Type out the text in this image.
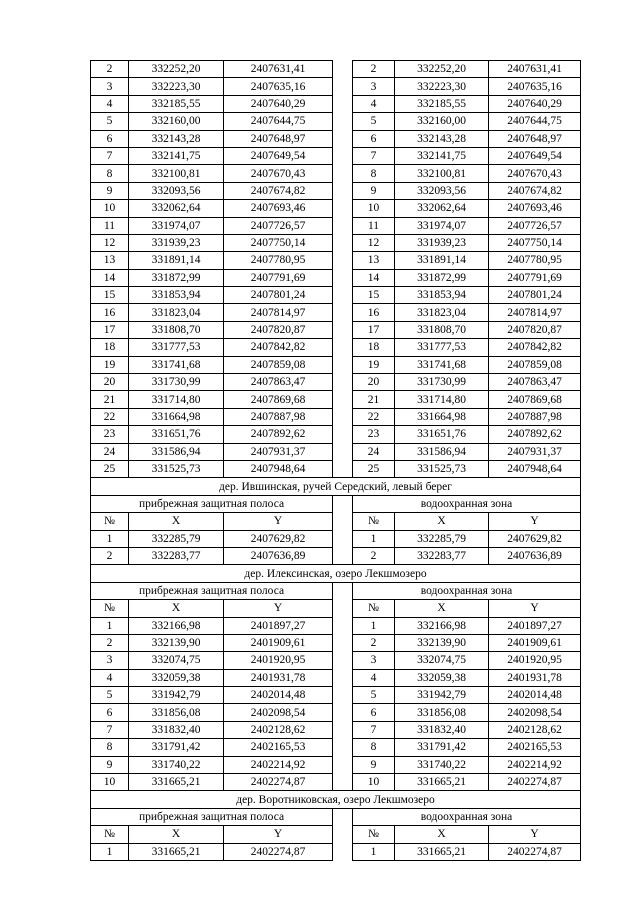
2	332252,20	2407631,41		2	332252,20	2407631,41
3	332223,30	2407635,16		3	332223,30	2407635,16
4	332185,55	2407640,29		4	332185,55	2407640,29
5	332160,00	2407644,75		5	332160,00	2407644,75
6	332143,28	2407648,97		6	332143,28	2407648,97
7	332141,75	2407649,54		7	332141,75	2407649,54
8	332100,81	2407670,43		8	332100,81	2407670,43
9	332093,56	2407674,82		9	332093,56	2407674,82
10	332062,64	2407693,46		10	332062,64	2407693,46
11	331974,07	2407726,57		11	331974,07	2407726,57
12	331939,23	2407750,14		12	331939,23	2407750,14
13	331891,14	2407780,95		13	331891,14	2407780,95
14	331872,99	2407791,69		14	331872,99	2407791,69
15	331853,94	2407801,24		15	331853,94	2407801,24
16	331823,04	2407814,97		16	331823,04	2407814,97
17	331808,70	2407820,87		17	331808,70	2407820,87
18	331777,53	2407842,82		18	331777,53	2407842,82
19	331741,68	2407859,08		19	331741,68	2407859,08
20	331730,99	2407863,47		20	331730,99	2407863,47
21	331714,80	2407869,68		21	331714,80	2407869,68
22	331664,98	2407887,98		22	331664,98	2407887,98
23	331651,76	2407892,62		23	331651,76	2407892,62
24	331586,94	2407931,37		24	331586,94	2407931,37
25	331525,73	2407948,64		25	331525,73	2407948,64
дер. Ившинская, ручей Середский, левый берег						
прибрежная защитная полоса				водоохранная зона		
№	X	Y		№	X	Y
1	332285,79	2407629,82		1	332285,79	2407629,82
2	332283,77	2407636,89		2	332283,77	2407636,89
дер. Илексинская, озеро Лекшмозеро						
прибрежная защитная полоса				водоохранная зона		
№	X	Y		№	X	Y
1	332166,98	2401897,27		1	332166,98	2401897,27
2	332139,90	2401909,61		2	332139,90	2401909,61
3	332074,75	2401920,95		3	332074,75	2401920,95
4	332059,38	2401931,78		4	332059,38	2401931,78
5	331942,79	2402014,48		5	331942,79	2402014,48
6	331856,08	2402098,54		6	331856,08	2402098,54
7	331832,40	2402128,62		7	331832,40	2402128,62
8	331791,42	2402165,53		8	331791,42	2402165,53
9	331740,22	2402214,92		9	331740,22	2402214,92
10	331665,21	2402274,87		10	331665,21	2402274,87
дер. Воротниковская, озеро Лекшмозеро						
прибрежная защитная полоса				водоохранная зона		
№	X	Y		№	X	Y
1	331665,21	2402274,87		1	331665,21	2402274,87
